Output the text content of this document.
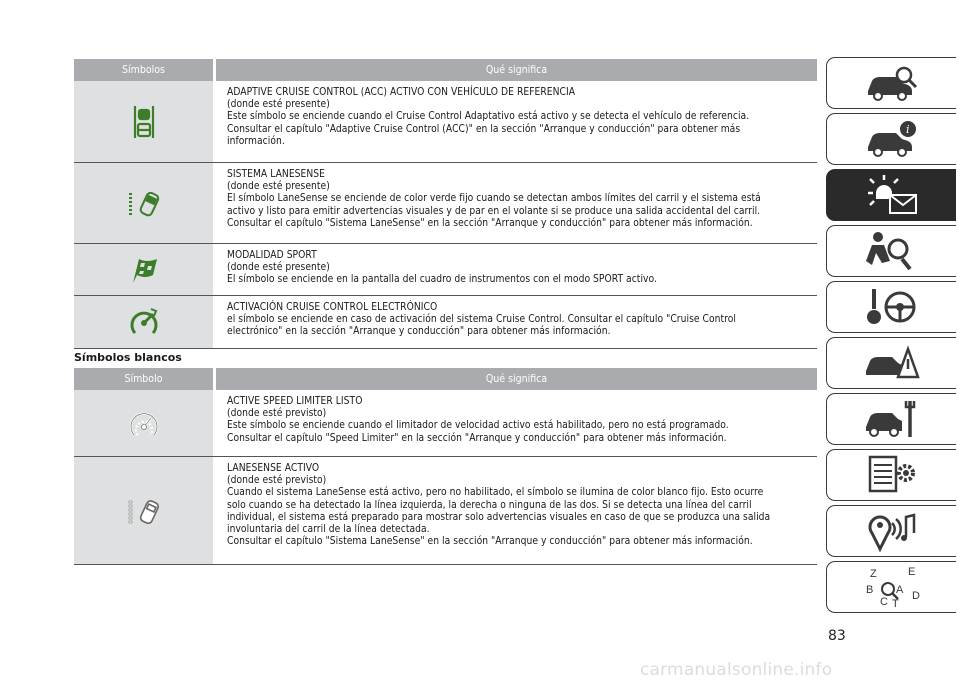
Símbolos	Qué significa
ADAPTIVE CRUISE CONTROL (ACC) ACTIVO CON VEHÍCULO DE REFERENCIA
(donde esté presente)
Este símbolo se enciende cuando el Cruise Control Adaptativo está activo y se detecta el vehículo de referencia.
Consultar el capítulo "Adaptive Cruise Control (ACC)" en la sección "Arranque y conducción" para obtener más
información.
SISTEMA LANESENSE
(donde esté presente)
El símbolo LaneSense se enciende de color verde fijo cuando se detectan ambos límites del carril y el sistema está
activo y listo para emitir advertencias visuales y de par en el volante si se produce una salida accidental del carril.
Consultar el capítulo "Sistema LaneSense" en la sección "Arranque y conducción" para obtener más información.
MODALIDAD SPORT
(donde esté presente)
El símbolo se enciende en la pantalla del cuadro de instrumentos con el modo SPORT activo.
ACTIVACIÓN CRUISE CONTROL ELECTRÓNICO
el símbolo se enciende en caso de activación del sistema Cruise Control. Consultar el capítulo "Cruise Control
electrónico" en la sección "Arranque y conducción" para obtener más información.
Símbolos blancos
Símbolo	Qué significa
ACTIVE SPEED LIMITER LISTO
(donde esté previsto)
Este símbolo se enciende cuando el limitador de velocidad activo está habilitado, pero no está programado.
Consultar el capítulo "Speed Limiter" en la sección "Arranque y conducción" para obtener más información.
LANESENSE ACTIVO
(donde esté previsto)
Cuando el sistema LaneSense está activo, pero no habilitado, el símbolo se ilumina de color blanco fijo. Esto ocurre
solo cuando se ha detectado la línea izquierda, la derecha o ninguna de las dos. Si se detecta una línea del carril
individual, el sistema está preparado para mostrar solo advertencias visuales en caso de que se produzca una salida
involuntaria del carril de la línea detectada.
Consultar el capítulo "Sistema LaneSense" en la sección "Arranque y conducción" para obtener más información.
i
Z	E
B A
C T
D
83
carmanualsonline.info
